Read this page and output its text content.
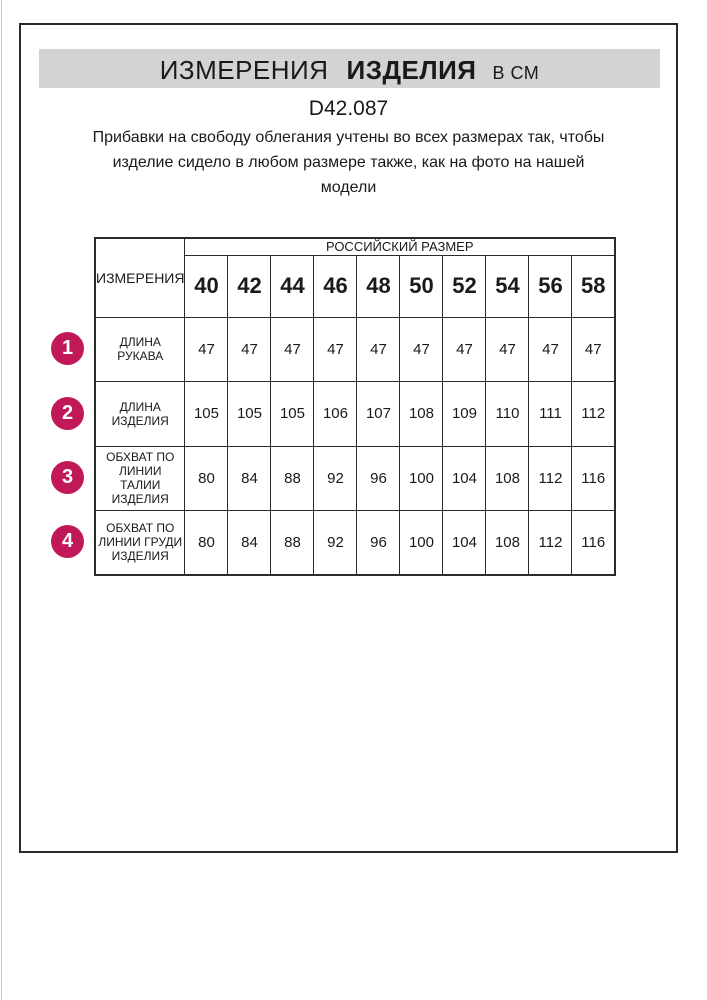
ИЗМЕРЕНИЯ ИЗДЕЛИЯ В СМ
D42.087
Прибавки на свободу облегания учтены во всех размерах так, чтобы
изделие сидело в любом размере также, как на фото на нашей
модели
ИЗМЕРЕНИЯ	РОССИЙСКИЙ РАЗМЕР									
	40	42	44	46	48	50	52	54	56	58
ДЛИНА РУКАВА	47	47	47	47	47	47	47	47	47	47
ДЛИНА ИЗДЕЛИЯ	105	105	105	106	107	108	109	110	111	112
ОБХВАТ ПО ЛИНИИ ТАЛИИ ИЗДЕЛИЯ	80	84	88	92	96	100	104	108	112	116
ОБХВАТ ПО ЛИНИИ ГРУДИ ИЗДЕЛИЯ	80	84	88	92	96	100	104	108	112	116
1
2
3
4
